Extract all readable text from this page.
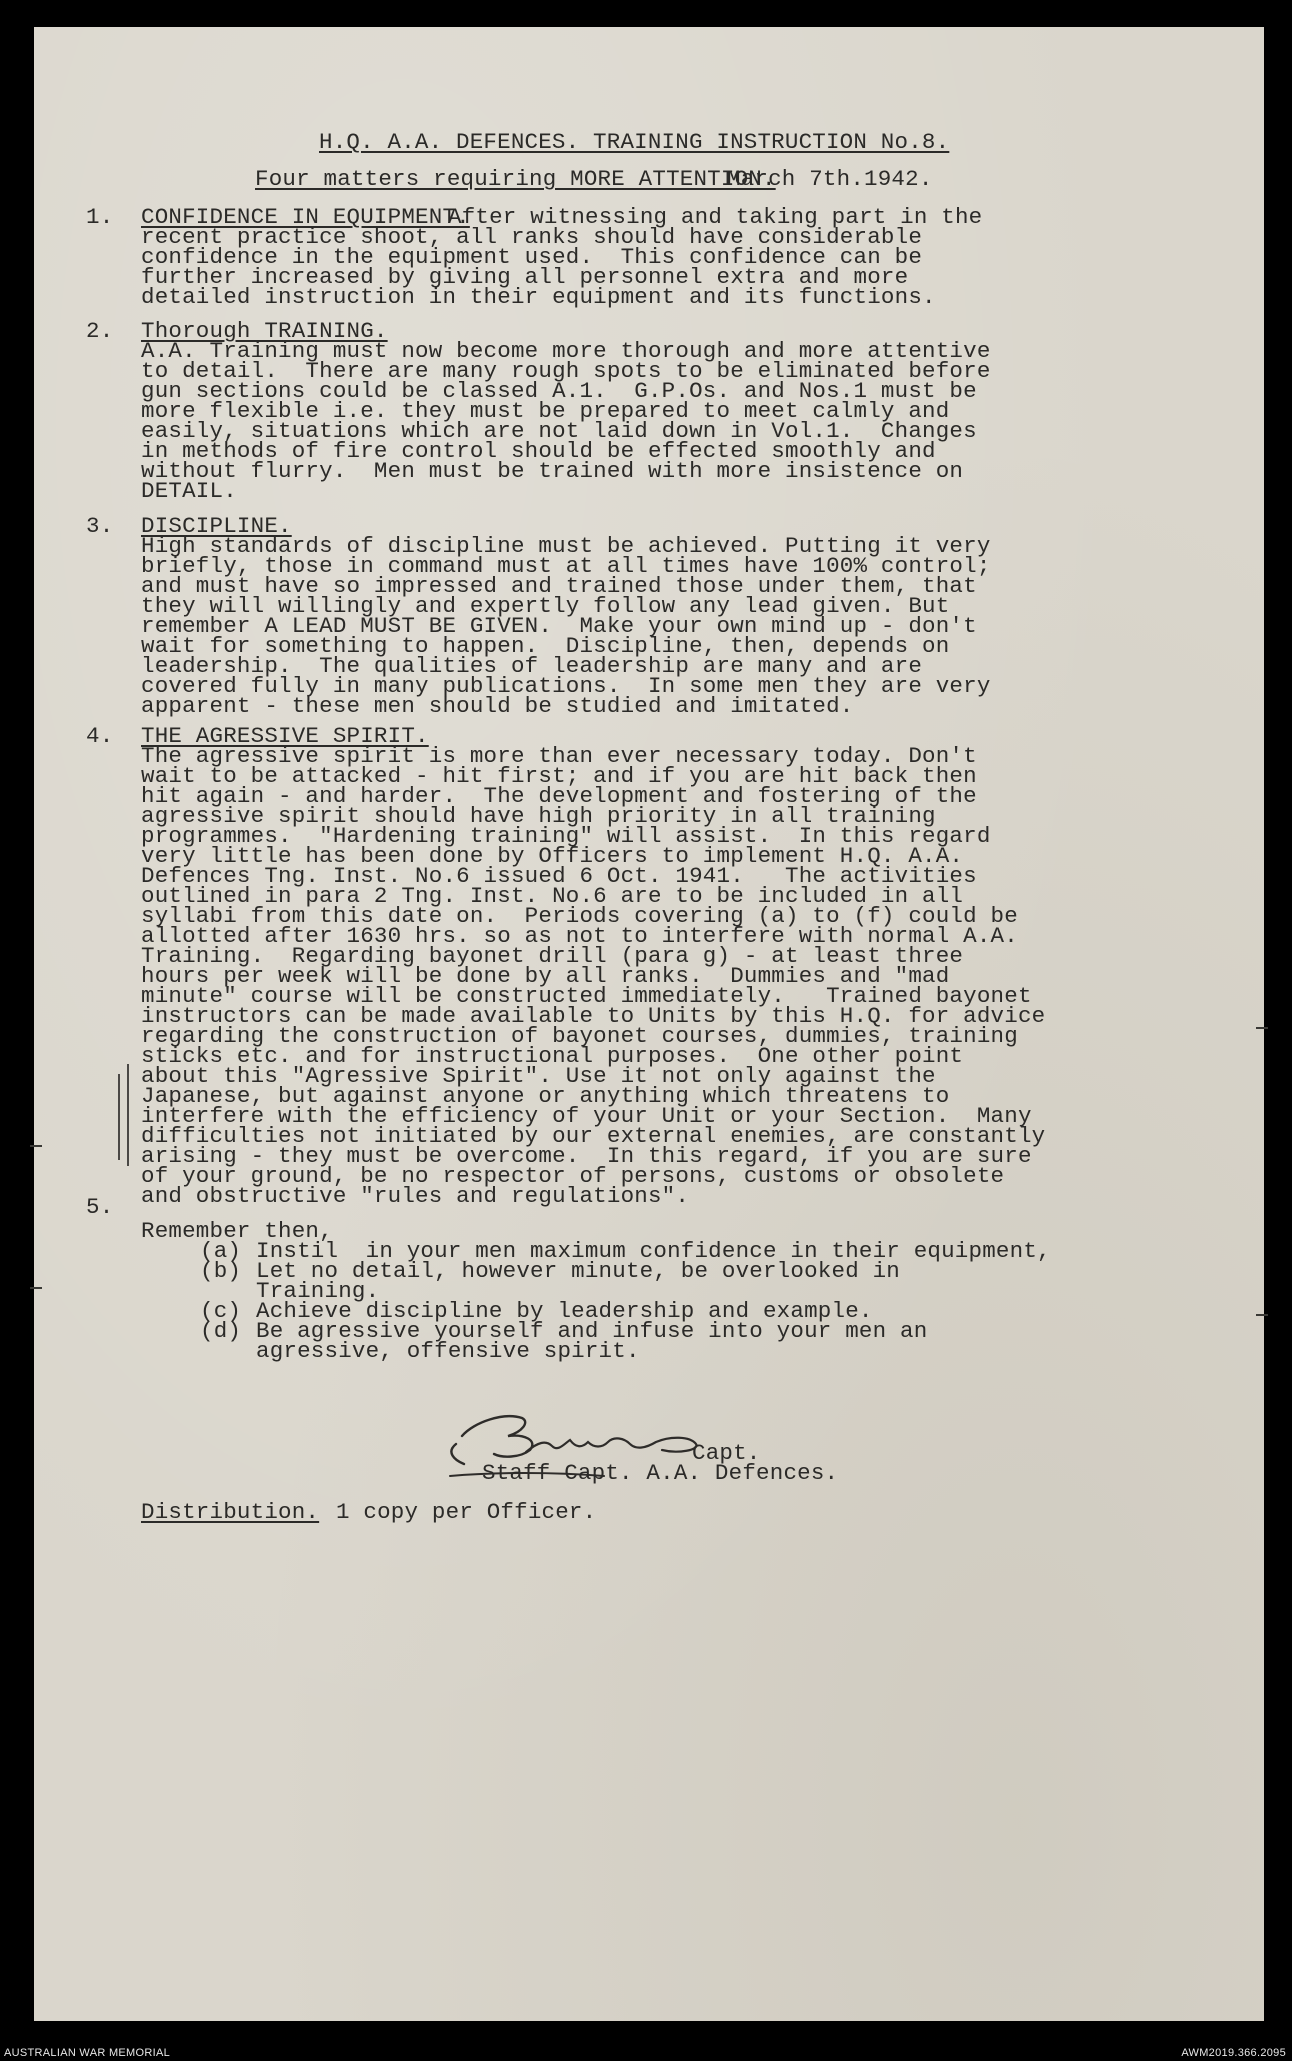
H.Q. A.A. DEFENCES. TRAINING INSTRUCTION No.8.
Four matters requiring MORE ATTENTION.
March 7th.1942.
1. CONFIDENCE IN EQUIPMENT.
After witnessing and taking part in the
recent practice shoot, all ranks should have considerable
confidence in the equipment used.  This confidence can be
further increased by giving all personnel extra and more
detailed instruction in their equipment and its functions.
2. Thorough TRAINING.
A.A. Training must now become more thorough and more attentive
to detail.  There are many rough spots to be eliminated before
gun sections could be classed A.1.  G.P.Os. and Nos.1 must be
more flexible i.e. they must be prepared to meet calmly and
easily, situations which are not laid down in Vol.1.  Changes
in methods of fire control should be effected smoothly and
without flurry.  Men must be trained with more insistence on
DETAIL.
3. DISCIPLINE.
High standards of discipline must be achieved. Putting it very
briefly, those in command must at all times have 100% control;
and must have so impressed and trained those under them, that
they will willingly and expertly follow any lead given. But
remember A LEAD MUST BE GIVEN.  Make your own mind up - don't
wait for something to happen.  Discipline, then, depends on
leadership.  The qualities of leadership are many and are
covered fully in many publications.  In some men they are very
apparent - these men should be studied and imitated.
4. THE AGRESSIVE SPIRIT.
The agressive spirit is more than ever necessary today. Don't
wait to be attacked - hit first; and if you are hit back then
hit again - and harder.  The development and fostering of the
agressive spirit should have high priority in all training
programmes.  "Hardening training" will assist.  In this regard
very little has been done by Officers to implement H.Q. A.A.
Defences Tng. Inst. No.6 issued 6 Oct. 1941.   The activities
outlined in para 2 Tng. Inst. No.6 are to be included in all
syllabi from this date on.  Periods covering (a) to (f) could be
allotted after 1630 hrs. so as not to interfere with normal A.A.
Training.  Regarding bayonet drill (para g) - at least three
hours per week will be done by all ranks.  Dummies and "mad
minute" course will be constructed immediately.   Trained bayonet
instructors can be made available to Units by this H.Q. for advice
regarding the construction of bayonet courses, dummies, training
sticks etc. and for instructional purposes.  One other point
about this "Agressive Spirit". Use it not only against the
Japanese, but against anyone or anything which threatens to
interfere with the efficiency of your Unit or your Section.  Many
difficulties not initiated by our external enemies, are constantly
arising - they must be overcome.  In this regard, if you are sure
of your ground, be no respector of persons, customs or obsolete
and obstructive "rules and regulations".
5.
Remember then,
(a) Instil  in your men maximum confidence in their equipment,
(b) Let no detail, however minute, be overlooked in
Training.
(c) Achieve discipline by leadership and example.
(d) Be agressive yourself and infuse into your men an
agressive, offensive spirit.
Capt.
Staff Capt. A.A. Defences.
Distribution. 1 copy per Officer.
AUSTRALIAN WAR MEMORIAL	AWM2019.366.2095
